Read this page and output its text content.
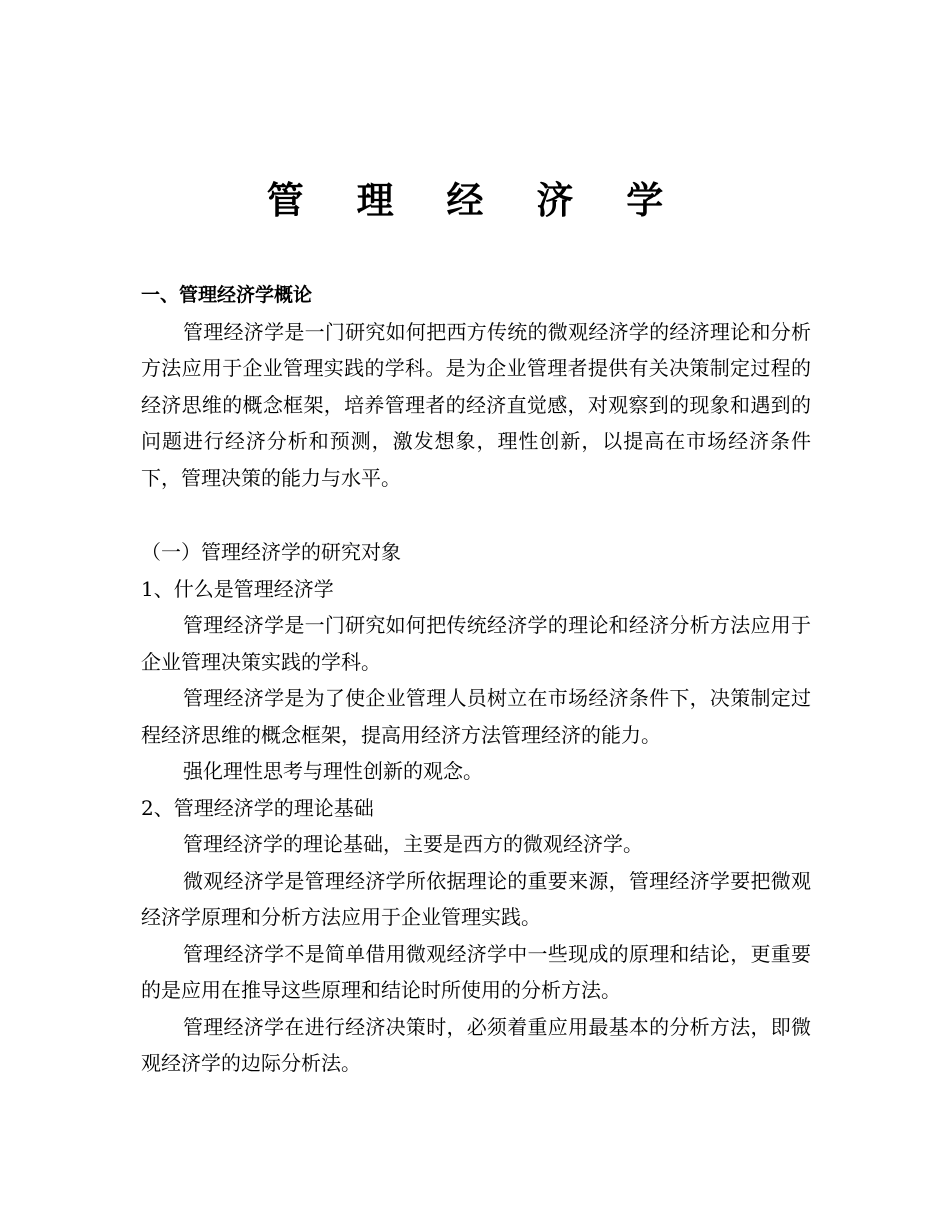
管 理 经 济 学

一、管理经济学概论

管理经济学是一门研究如何把西方传统的微观经济学的经济理论和分析方法应用于企业管理实践的学科。是为企业管理者提供有关决策制定过程的经济思维的概念框架，培养管理者的经济直觉感，对观察到的现象和遇到的问题进行经济分析和预测，激发想象，理性创新，以提高在市场经济条件下，管理决策的能力与水平。

（一）管理经济学的研究对象

1、什么是管理经济学

管理经济学是一门研究如何把传统经济学的理论和经济分析方法应用于企业管理决策实践的学科。

管理经济学是为了使企业管理人员树立在市场经济条件下，决策制定过程经济思维的概念框架，提高用经济方法管理经济的能力。

强化理性思考与理性创新的观念。

2、管理经济学的理论基础

管理经济学的理论基础，主要是西方的微观经济学。

微观经济学是管理经济学所依据理论的重要来源，管理经济学要把微观经济学原理和分析方法应用于企业管理实践。

管理经济学不是简单借用微观经济学中一些现成的原理和结论，更重要的是应用在推导这些原理和结论时所使用的分析方法。

管理经济学在进行经济决策时，必须着重应用最基本的分析方法，即微观经济学的边际分析法。
